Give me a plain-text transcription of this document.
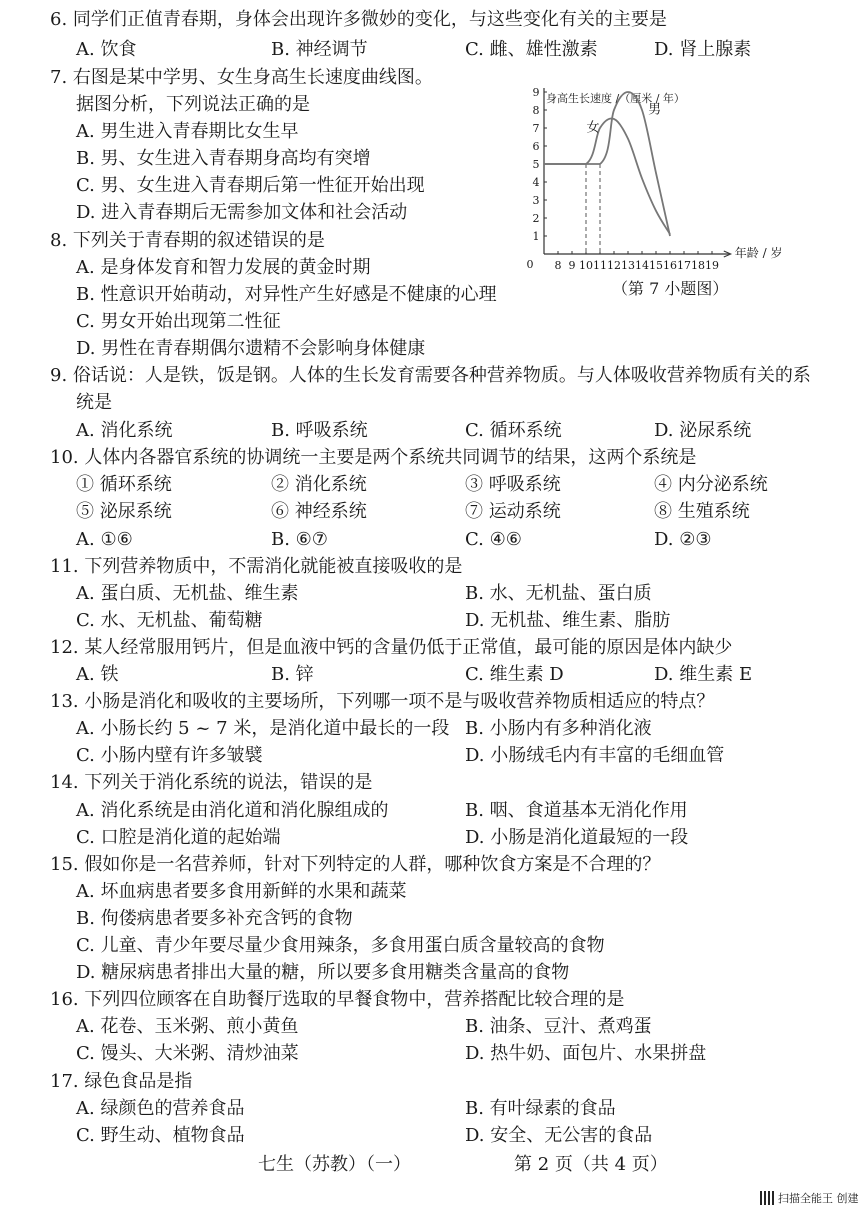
6. 同学们正值青春期，身体会出现许多微妙的变化，与这些变化有关的主要是
A. 饮食	B. 神经调节	C. 雌、雄性激素	D. 肾上腺素
7. 右图是某中学男、女生身高生长速度曲线图。
据图分析，下列说法正确的是
A. 男生进入青春期比女生早
B. 男、女生进入青春期身高均有突增
C. 男、女生进入青春期后第一性征开始出现
D. 进入青春期后无需参加文体和社会活动
8 9 10 11 12 13 14 15 16 17 18 19
1
2
3
4
5
6
7
8
9
0
身高生长速度 /（厘米 / 年）
年龄 / 岁
女
男
（第 7 小题图）
8. 下列关于青春期的叙述错误的是
A. 是身体发育和智力发展的黄金时期
B. 性意识开始萌动，对异性产生好感是不健康的心理
C. 男女开始出现第二性征
D. 男性在青春期偶尔遗精不会影响身体健康
9. 俗话说：人是铁，饭是钢。人体的生长发育需要各种营养物质。与人体吸收营养物质有关的系
统是
A. 消化系统	B. 呼吸系统	C. 循环系统	D. 泌尿系统
10. 人体内各器官系统的协调统一主要是两个系统共同调节的结果，这两个系统是
① 循环系统	② 消化系统	③ 呼吸系统	④ 内分泌系统
⑤ 泌尿系统	⑥ 神经系统	⑦ 运动系统	⑧ 生殖系统
A. ①⑥	B. ⑥⑦	C. ④⑥	D. ②③
11. 下列营养物质中，不需消化就能被直接吸收的是
A. 蛋白质、无机盐、维生素	B. 水、无机盐、蛋白质
C. 水、无机盐、葡萄糖	D. 无机盐、维生素、脂肪
12. 某人经常服用钙片，但是血液中钙的含量仍低于正常值，最可能的原因是体内缺少
A. 铁	B. 锌	C. 维生素 D	D. 维生素 E
13. 小肠是消化和吸收的主要场所，下列哪一项不是与吸收营养物质相适应的特点？
A. 小肠长约 5 ~ 7 米，是消化道中最长的一段 B. 小肠内有多种消化液
C. 小肠内壁有许多皱襞	D. 小肠绒毛内有丰富的毛细血管
14. 下列关于消化系统的说法，错误的是
A. 消化系统是由消化道和消化腺组成的	B. 咽、食道基本无消化作用
C. 口腔是消化道的起始端	D. 小肠是消化道最短的一段
15. 假如你是一名营养师，针对下列特定的人群，哪种饮食方案是不合理的？
A. 坏血病患者要多食用新鲜的水果和蔬菜
B. 佝偻病患者要多补充含钙的食物
C. 儿童、青少年要尽量少食用辣条，多食用蛋白质含量较高的食物
D. 糖尿病患者排出大量的糖，所以要多食用糖类含量高的食物
16. 下列四位顾客在自助餐厅选取的早餐食物中，营养搭配比较合理的是
A. 花卷、玉米粥、煎小黄鱼	B. 油条、豆汁、煮鸡蛋
C. 馒头、大米粥、清炒油菜	D. 热牛奶、面包片、水果拼盘
17. 绿色食品是指
A. 绿颜色的营养食品	B. 有叶绿素的食品
C. 野生动、植物食品	D. 安全、无公害的食品
七生（苏教）（一）	第 2 页（共 4 页）
扫描全能王 创建
